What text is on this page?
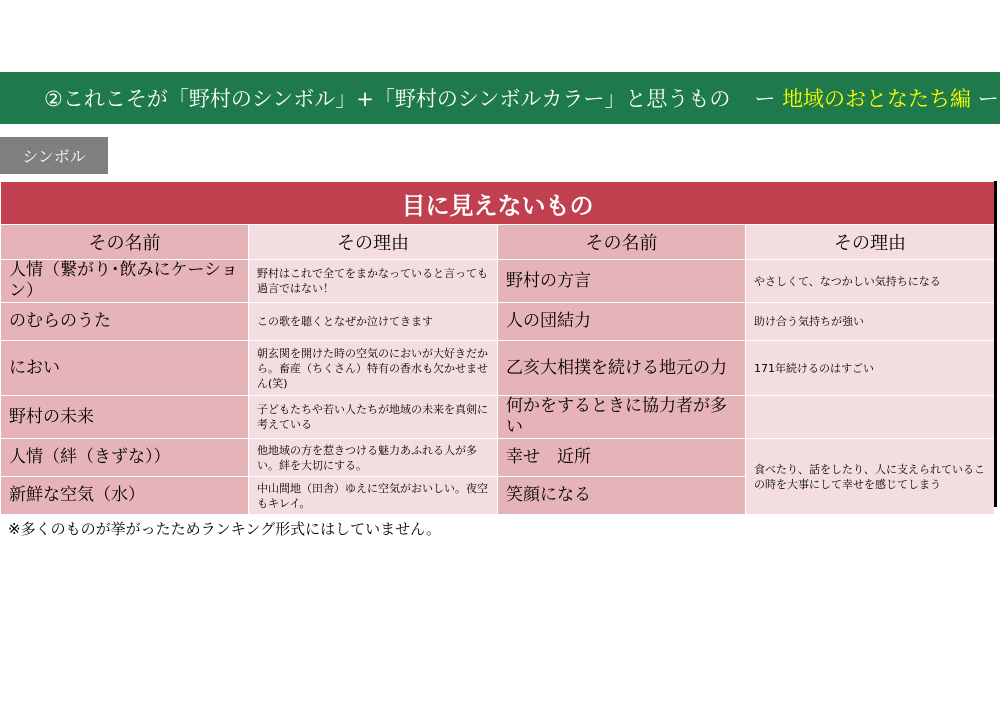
②これこそが「野村のシンボル」+「野村のシンボルカラー」と思うもの ー 地域のおとなたち編 ー
シンボル
目に見えないもの			
その名前	その理由	その名前	その理由
人情（繋がり･飲みにケーション）	野村はこれで全てをまかなっていると言っても過言ではない！	野村の方言	やさしくて、なつかしい気持ちになる
のむらのうた	この歌を聴くとなぜか泣けてきます	人の団結力	助け合う気持ちが強い
におい	朝玄関を開けた時の空気のにおいが大好きだから。畜産（ちくさん）特有の香水も欠かせません(笑)	乙亥大相撲を続ける地元の力	171年続けるのはすごい
野村の未来	子どもたちや若い人たちが地域の未来を真剣に考えている	何かをするときに協力者が多い	
人情（絆（きずな））	他地域の方を惹きつける魅力あふれる人が多い。絆を大切にする。	幸せ　近所	食べたり、話をしたり、人に支えられているこの時を大事にして幸せを感じてしまう
新鮮な空気（水）	中山間地（田舎）ゆえに空気がおいしい。夜空もキレイ。	笑顔になる	
※多くのものが挙がったためランキング形式にはしていません。
